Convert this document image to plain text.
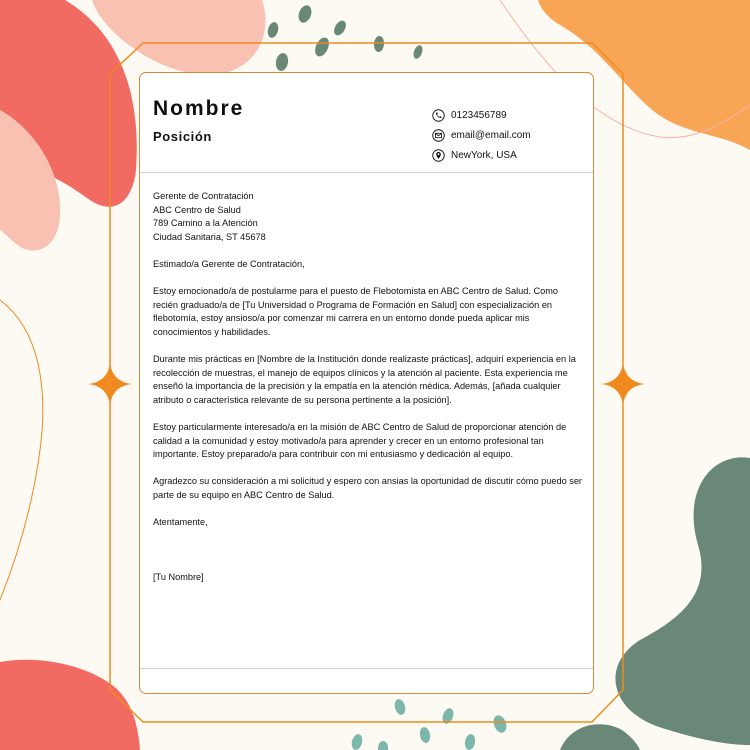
Nombre
Posición
0123456789
email@email.com
NewYork, USA

Gerente de Contratación
ABC Centro de Salud
789 Camino a la Atención
Ciudad Sanitaria, ST 45678

Estimado/a Gerente de Contratación,

Estoy emocionado/a de postularme para el puesto de Flebotomista en ABC Centro de Salud. Como recién graduado/a de [Tu Universidad o Programa de Formación en Salud] con especialización en flebotomía, estoy ansioso/a por comenzar mi carrera en un entorno donde pueda aplicar mis conocimientos y habilidades.

Durante mis prácticas en [Nombre de la Institución donde realizaste prácticas], adquirí experiencia en la recolección de muestras, el manejo de equipos clínicos y la atención al paciente. Esta experiencia me enseñó la importancia de la precisión y la empatía en la atención médica. Además, [añada cualquier atributo o característica relevante de su persona pertinente a la posición].

Estoy particularmente interesado/a en la misión de ABC Centro de Salud de proporcionar atención de calidad a la comunidad y estoy motivado/a para aprender y crecer en un entorno profesional tan importante. Estoy preparado/a para contribuir con mi entusiasmo y dedicación al equipo.

Agradezco su consideración a mi solicitud y espero con ansias la oportunidad de discutir cómo puedo ser parte de su equipo en ABC Centro de Salud.

Atentamente,

[Tu Nombre]
